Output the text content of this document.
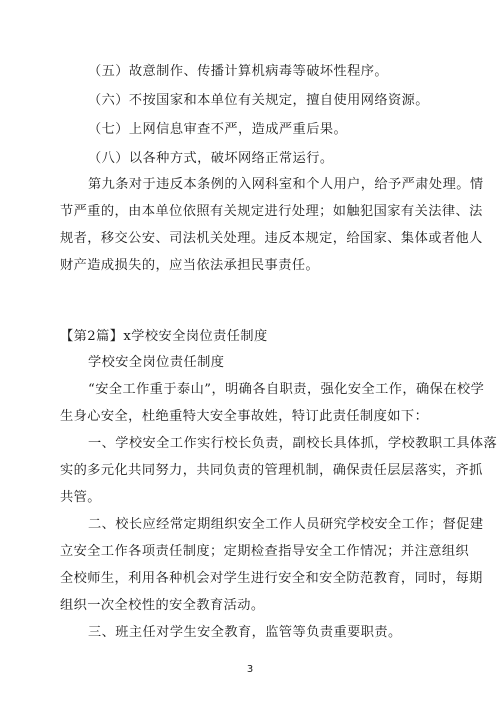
（五）故意制作、传播计算机病毒等破坏性程序。
（六）不按国家和本单位有关规定，擅自使用网络资源。
（七）上网信息审查不严，造成严重后果。
（八）以各种方式，破坏网络正常运行。
第九条对于违反本条例的入网科室和个人用户，给予严肃处理。情
节严重的，由本单位依照有关规定进行处理；如触犯国家有关法律、法
规者，移交公安、司法机关处理。违反本规定，给国家、集体或者他人
财产造成损失的，应当依法承担民事责任。
【第2篇】x学校安全岗位责任制度
学校安全岗位责任制度
“安全工作重于泰山”，明确各自职责，强化安全工作，确保在校学
生身心安全，杜绝重特大安全事故姓，特订此责任制度如下：
一、学校安全工作实行校长负责，副校长具体抓，学校教职工具体落
实的多元化共同努力，共同负责的管理机制，确保责任层层落实，齐抓
共管。
二、校长应经常定期组织安全工作人员研究学校安全工作；督促建
立安全工作各项责任制度；定期检查指导安全工作情况；并注意组织
全校师生，利用各种机会对学生进行安全和安全防范教育，同时，每期
组织一次全校性的安全教育活动。
三、班主任对学生安全教育，监管等负责重要职责。
3
